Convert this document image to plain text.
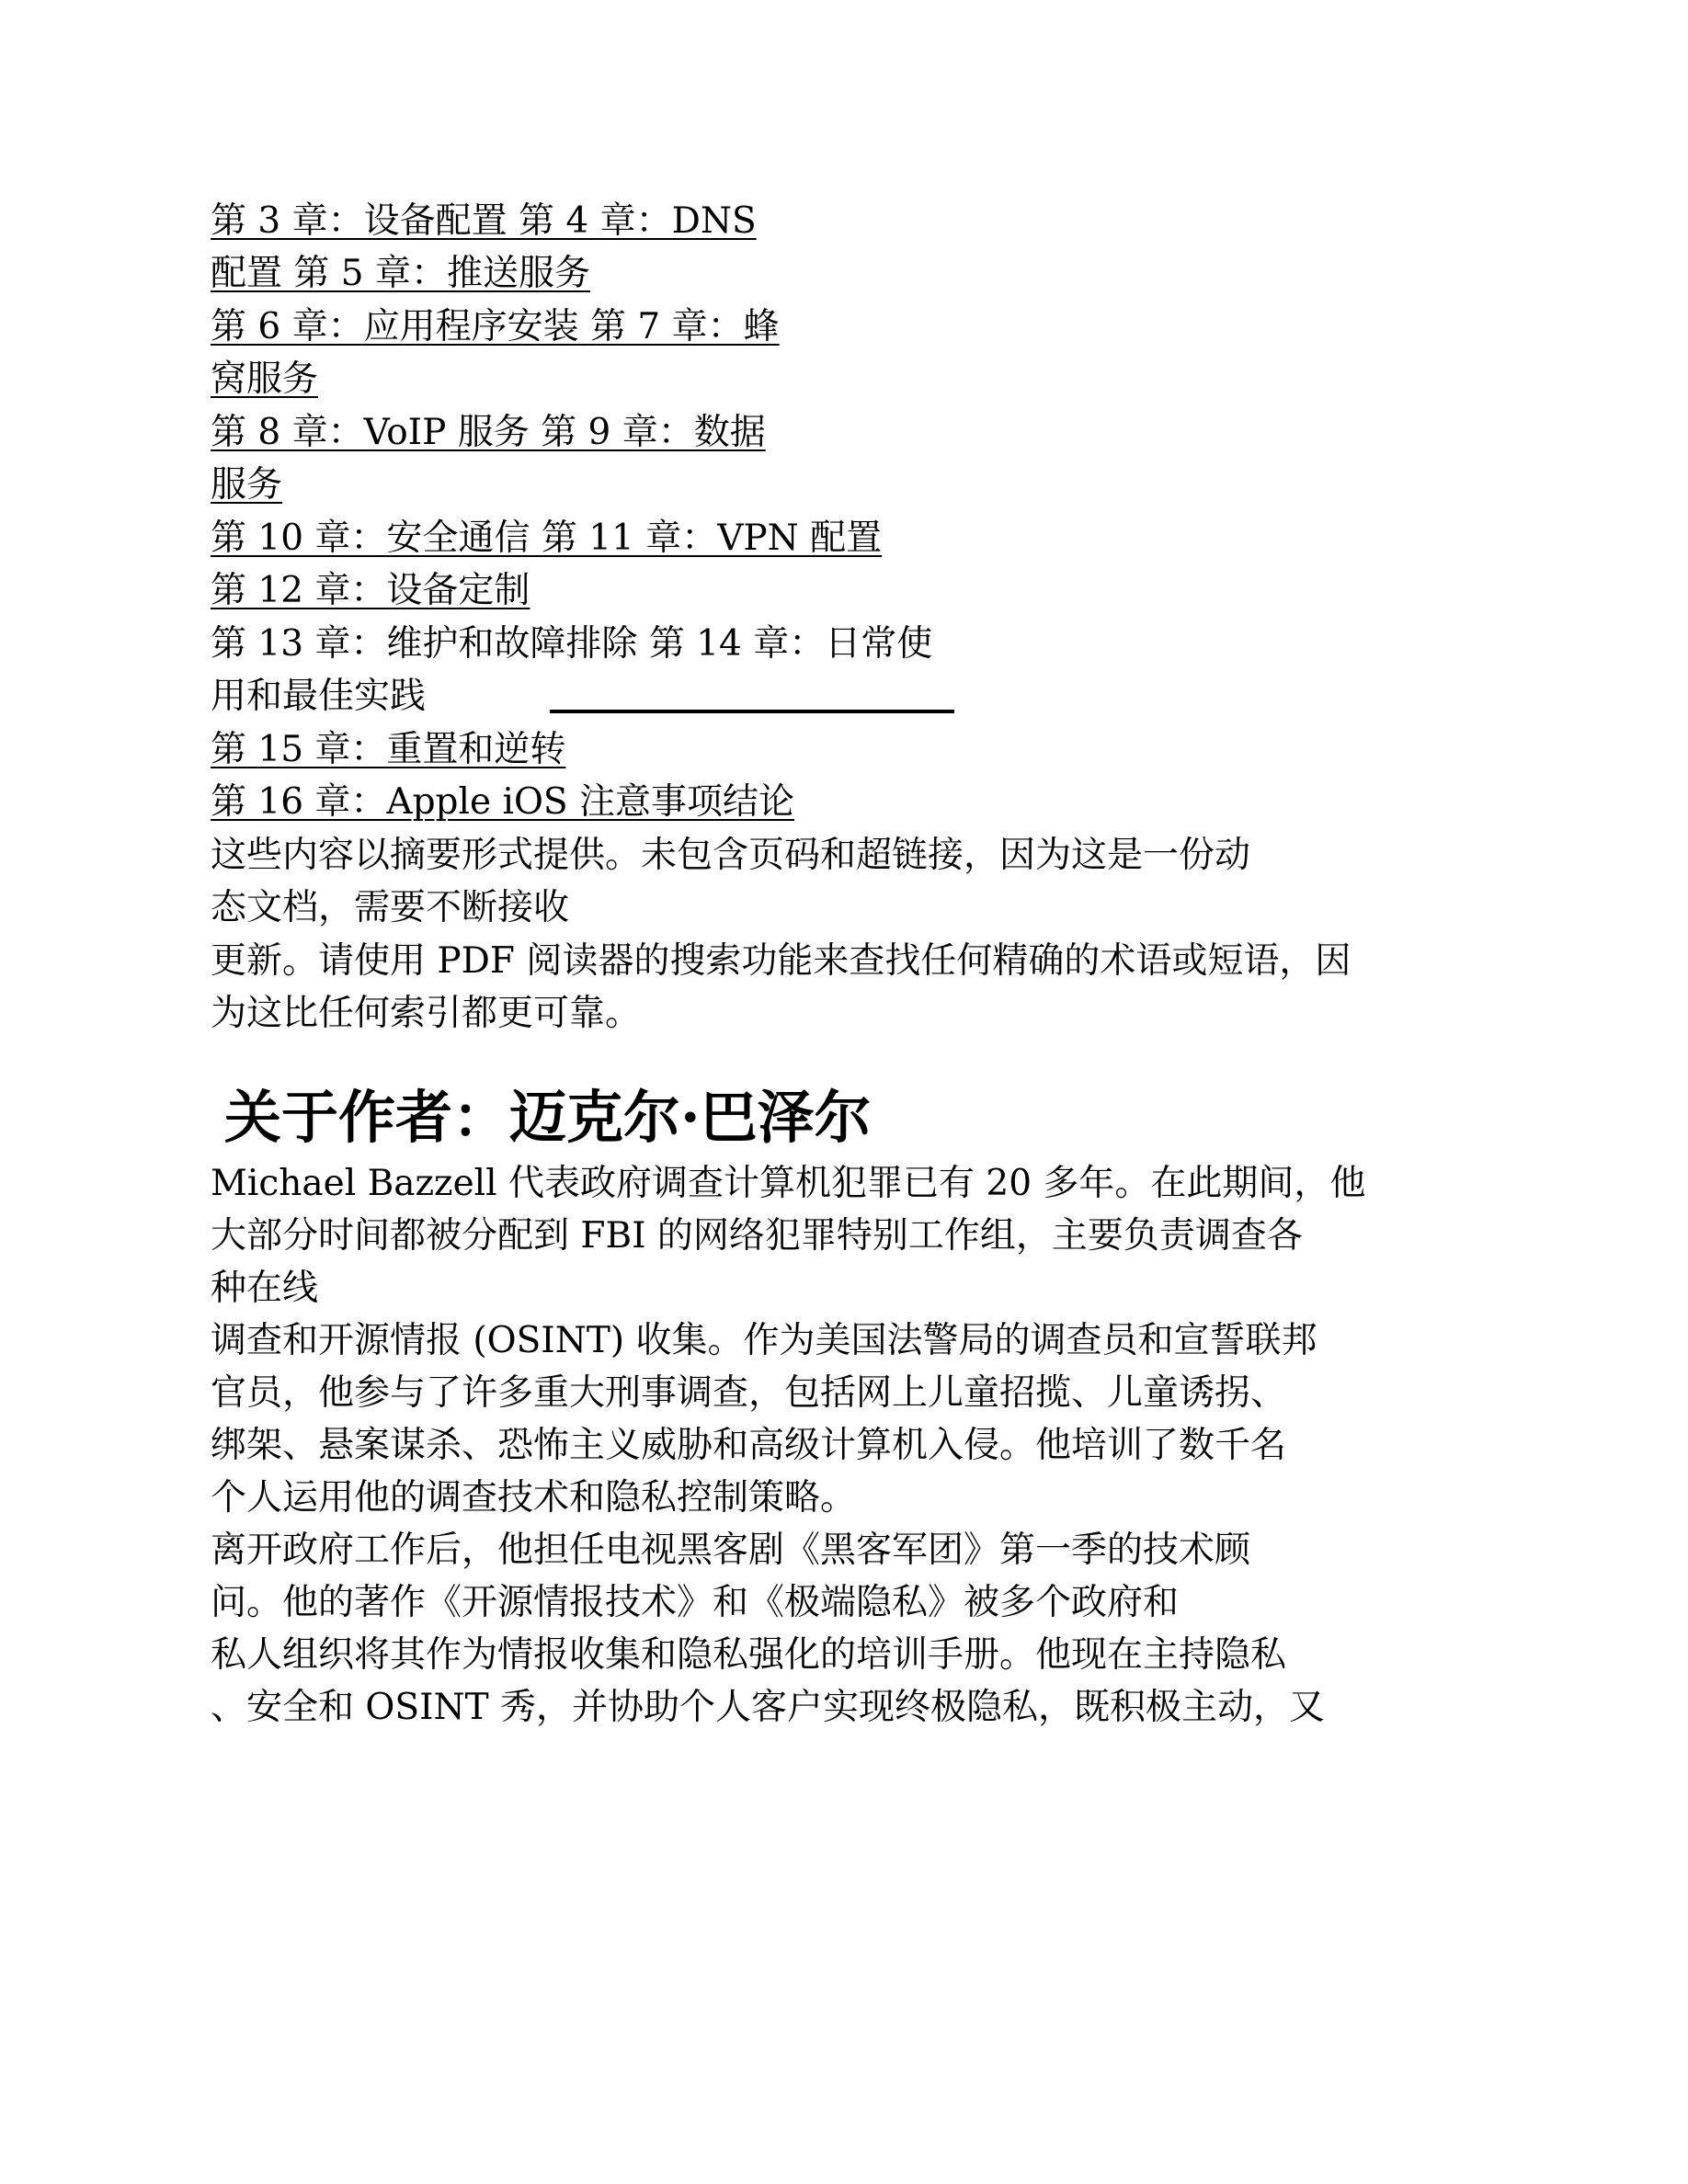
第 3 章：设备配置 第 4 章：DNS
配置 第 5 章：推送服务
第 6 章：应用程序安装 第 7 章：蜂
窝服务
第 8 章：VoIP 服务 第 9 章：数据
服务
第 10 章：安全通信 第 11 章：VPN 配置
第 12 章：设备定制
第 13 章：维护和故障排除 第 14 章：日常使
用和最佳实践
第 15 章：重置和逆转
第 16 章：Apple iOS 注意事项结论
这些内容以摘要形式提供。未包含页码和超链接，因为这是一份动
态文档，需要不断接收
更新。请使用 PDF 阅读器的搜索功能来查找任何精确的术语或短语，因
为这比任何索引都更可靠。
关于作者：迈克尔·巴泽尔
Michael Bazzell 代表政府调查计算机犯罪已有 20 多年。在此期间，他
大部分时间都被分配到 FBI 的网络犯罪特别工作组，主要负责调查各
种在线
调查和开源情报 (OSINT) 收集。作为美国法警局的调查员和宣誓联邦
官员，他参与了许多重大刑事调查，包括网上儿童招揽、儿童诱拐、
绑架、悬案谋杀、恐怖主义威胁和高级计算机入侵。他培训了数千名
个人运用他的调查技术和隐私控制策略。
离开政府工作后，他担任电视黑客剧《黑客军团》第一季的技术顾
问。他的著作《开源情报技术》和《极端隐私》被多个政府和
私人组织将其作为情报收集和隐私强化的培训手册。他现在主持隐私
、安全和 OSINT 秀，并协助个人客户实现终极隐私，既积极主动，又
